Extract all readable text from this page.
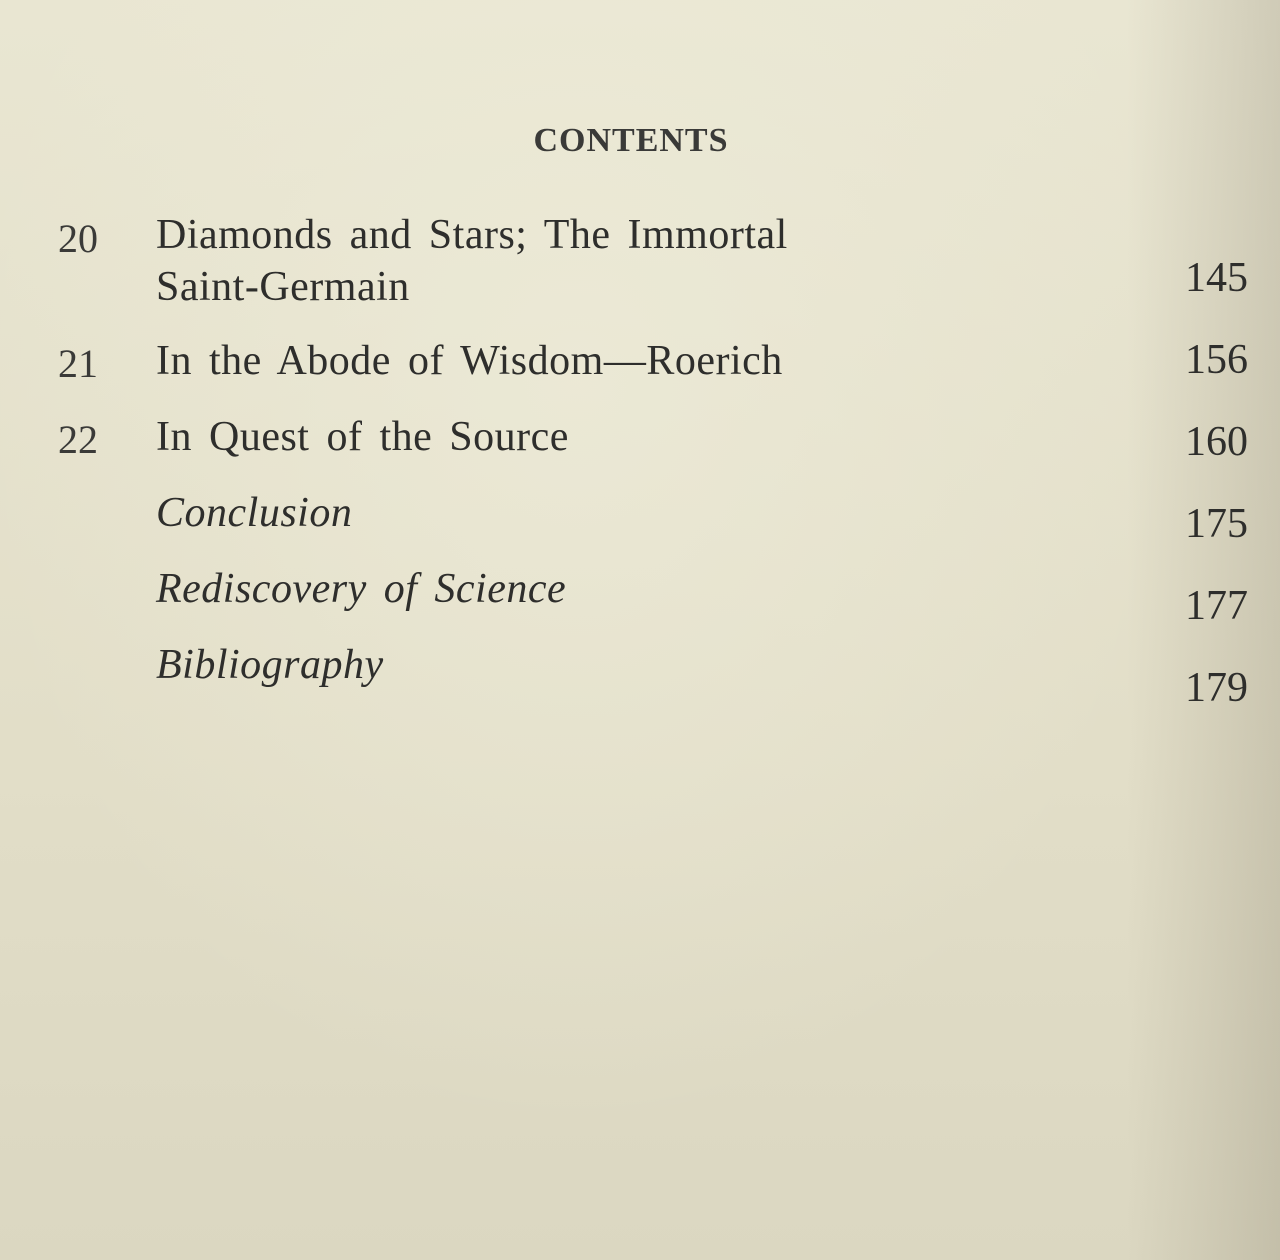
CONTENTS
20 Diamonds and Stars; The Immortal
Saint-Germain	145
21 In the Abode of Wisdom—Roerich	156
22 In Quest of the Source	160
Conclusion	175
Rediscovery of Science	177
Bibliography	179
